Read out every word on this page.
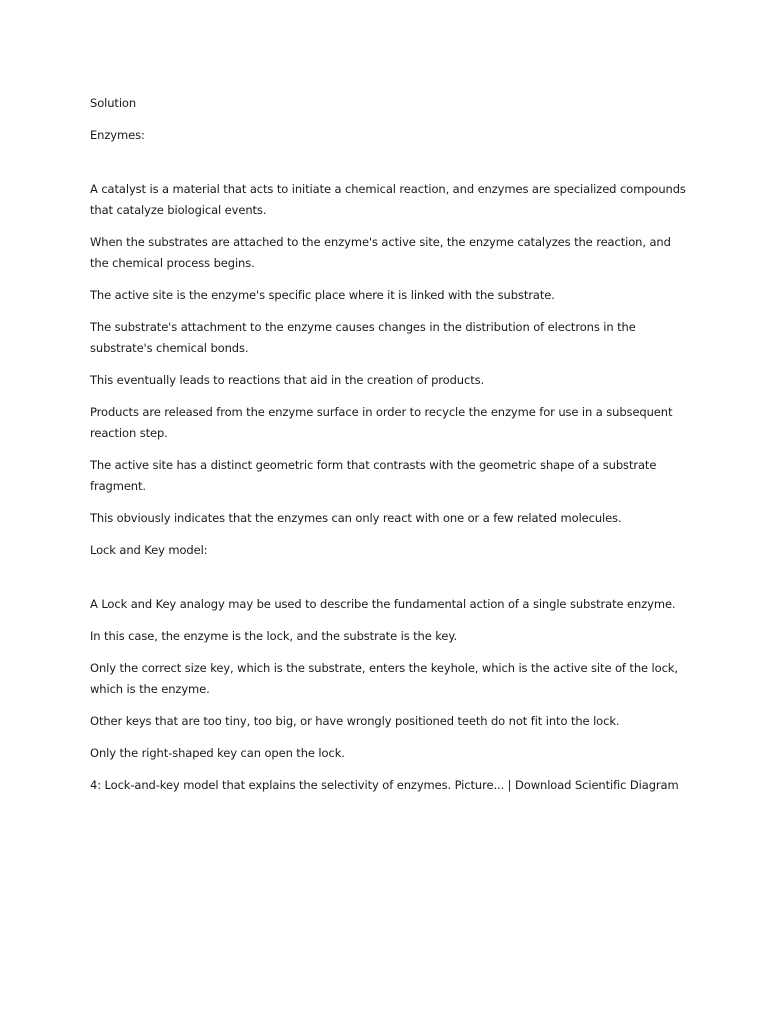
Solution

Enzymes:

A catalyst is a material that acts to initiate a chemical reaction, and enzymes are specialized compounds that catalyze biological events.

When the substrates are attached to the enzyme's active site, the enzyme catalyzes the reaction, and the chemical process begins.

The active site is the enzyme's specific place where it is linked with the substrate.

The substrate's attachment to the enzyme causes changes in the distribution of electrons in the substrate's chemical bonds.

This eventually leads to reactions that aid in the creation of products.

Products are released from the enzyme surface in order to recycle the enzyme for use in a subsequent reaction step.

The active site has a distinct geometric form that contrasts with the geometric shape of a substrate fragment.

This obviously indicates that the enzymes can only react with one or a few related molecules.

Lock and Key model:

A Lock and Key analogy may be used to describe the fundamental action of a single substrate enzyme.

In this case, the enzyme is the lock, and the substrate is the key.

Only the correct size key, which is the substrate, enters the keyhole, which is the active site of the lock, which is the enzyme.

Other keys that are too tiny, too big, or have wrongly positioned teeth do not fit into the lock.

Only the right-shaped key can open the lock.

4: Lock-and-key model that explains the selectivity of enzymes. Picture... | Download Scientific Diagram
